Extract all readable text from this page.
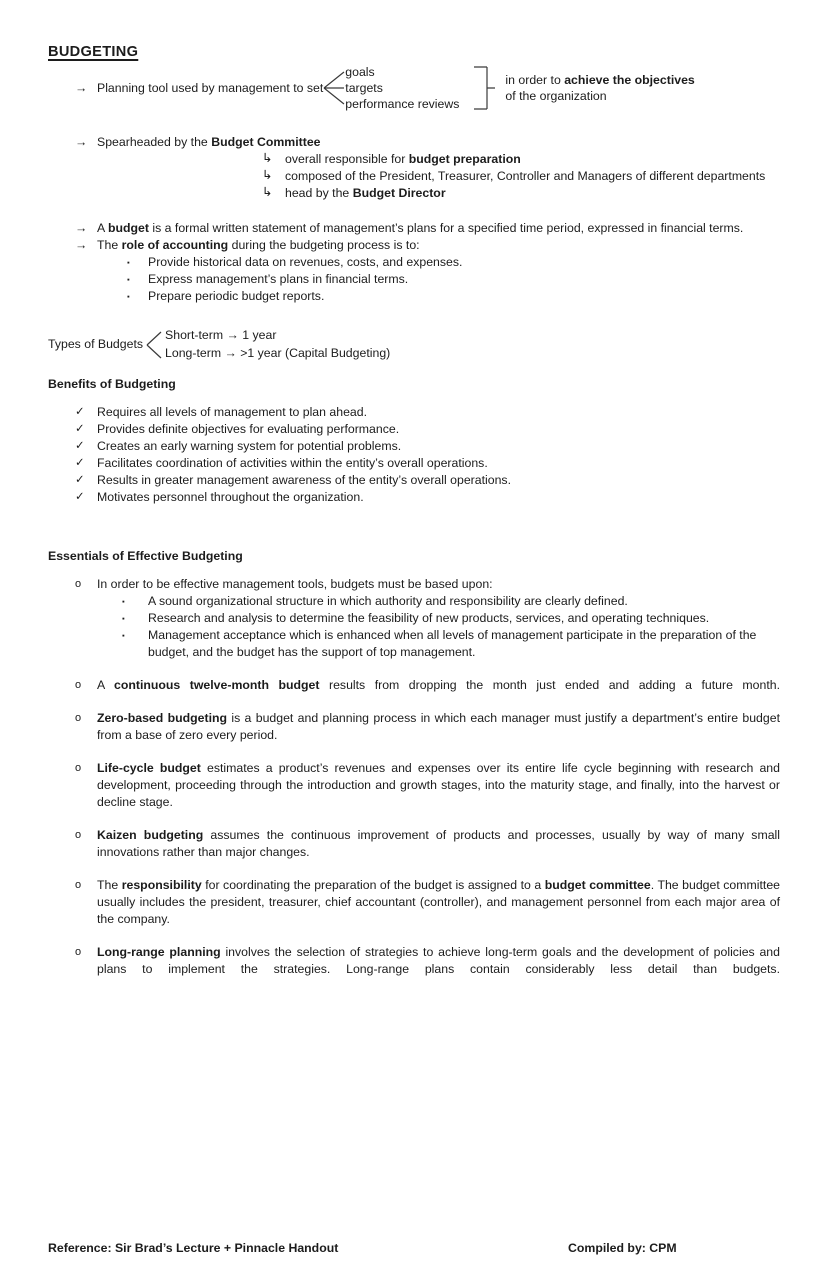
BUDGETING
→ Planning tool used by management to set
goals
targets
performance reviews
in order to achieve the objectives
of the organization
→ Spearheaded by the Budget Committee
↳	overall responsible for budget preparation
↳	composed of the President, Treasurer, Controller and Managers of different departments
↳	head by the Budget Director
→ A budget is a formal written statement of management’s plans for a specified time period, expressed in financial terms.
→ The role of accounting during the budgeting process is to:
▪	Provide historical data on revenues, costs, and expenses.
▪	Express management’s plans in financial terms.
▪	Prepare periodic budget reports.
Types of Budgets
Short-term → 1 year
Long-term → >1 year (Capital Budgeting)
Benefits of Budgeting
✓	Requires all levels of management to plan ahead.
✓	Provides definite objectives for evaluating performance.
✓	Creates an early warning system for potential problems.
✓	Facilitates coordination of activities within the entity’s overall operations.
✓	Results in greater management awareness of the entity’s overall operations.
✓	Motivates personnel throughout the organization.
Essentials of Effective Budgeting
o	In order to be effective management tools, budgets must be based upon:
▪	A sound organizational structure in which authority and responsibility are clearly defined.
▪	Research and analysis to determine the feasibility of new products, services, and operating techniques.
▪	Management acceptance which is enhanced when all levels of management participate in the preparation of the budget, and the budget has the support of top management.
o	A continuous twelve-month budget results from dropping the month just ended and adding a future month.
o	Zero-based budgeting is a budget and planning process in which each manager must justify a department’s entire budget from a base of zero every period.
o	Life-cycle budget estimates a product’s revenues and expenses over its entire life cycle beginning with research and development, proceeding through the introduction and growth stages, into the maturity stage, and finally, into the harvest or decline stage.
o	Kaizen budgeting assumes the continuous improvement of products and processes, usually by way of many small innovations rather than major changes.
o	The responsibility for coordinating the preparation of the budget is assigned to a budget committee. The budget committee usually includes the president, treasurer, chief accountant (controller), and management personnel from each major area of the company.
o	Long-range planning involves the selection of strategies to achieve long-term goals and the development of policies and plans to implement the strategies. Long-range plans contain considerably less detail than budgets.
Reference: Sir Brad’s Lecture + Pinnacle Handout	Compiled by: CPM
